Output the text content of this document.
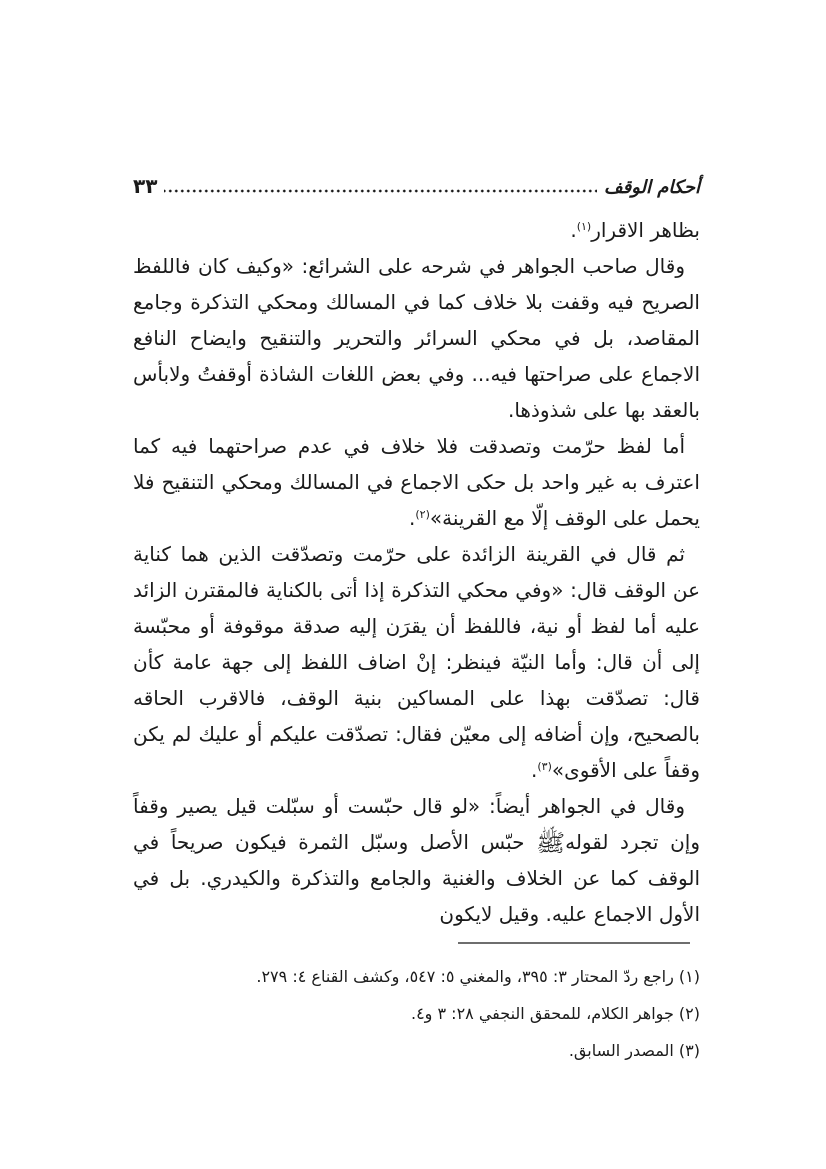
أحكام الوقف
٣٣

بظاهر الاقرار$^{(١)}$.

وقال صاحب الجواهر في شرحه على الشرائع: «وكيف كان فاللفظ الصريح فيه وقفت بلا خلاف كما في المسالك ومحكي التذكرة وجامع المقاصد، بل في محكي السرائر والتحرير والتنقيح وايضاح النافع الاجماع على صراحتها فيه... وفي بعض اللغات الشاذة أوقفتُ ولابأس بالعقد بها على شذوذها.

أما لفظ حرّمت وتصدقت فلا خلاف في عدم صراحتهما فيه كما اعترف به غير واحد بل حكى الاجماع في المسالك ومحكي التنقيح فلا يحمل على الوقف إلّا مع القرينة»$^{(٢)}$.

ثم قال في القرينة الزائدة على حرّمت وتصدّقت الذين هما كناية عن الوقف قال: «وفي محكي التذكرة إذا أتى بالكناية فالمقترن الزائد عليه أما لفظ أو نية، فاللفظ أن يقرَن إليه صدقة موقوفة أو محبّسة إلى أن قال: وأما النيّة فينظر: إنْ اضاف اللفظ إلى جهة عامة كأن قال: تصدّقت بهذا على المساكين بنية الوقف، فالاقرب الحاقه بالصحيح، وإن أضافه إلى معيّن فقال: تصدّقت عليكم أو عليك لم يكن وقفاً على الأقوى»$^{(٣)}$.

وقال في الجواهر أيضاً: «لو قال حبّست أو سبّلت قيل يصير وقفاً وإن تجرد لقولهﷺ حبّس الأصل وسبّل الثمرة فيكون صريحاً في الوقف كما عن الخلاف والغنية والجامع والتذكرة والكيدري. بل في الأول الاجماع عليه. وقيل لايكون

(١) راجع ردّ المحتار ٣: ٣٩٥، والمغني ٥: ٥٤٧، وكشف القناع ٤: ٢٧٩.

(٢) جواهر الكلام، للمحقق النجفي ٢٨: ٣ و٤.

(٣) المصدر السابق.
